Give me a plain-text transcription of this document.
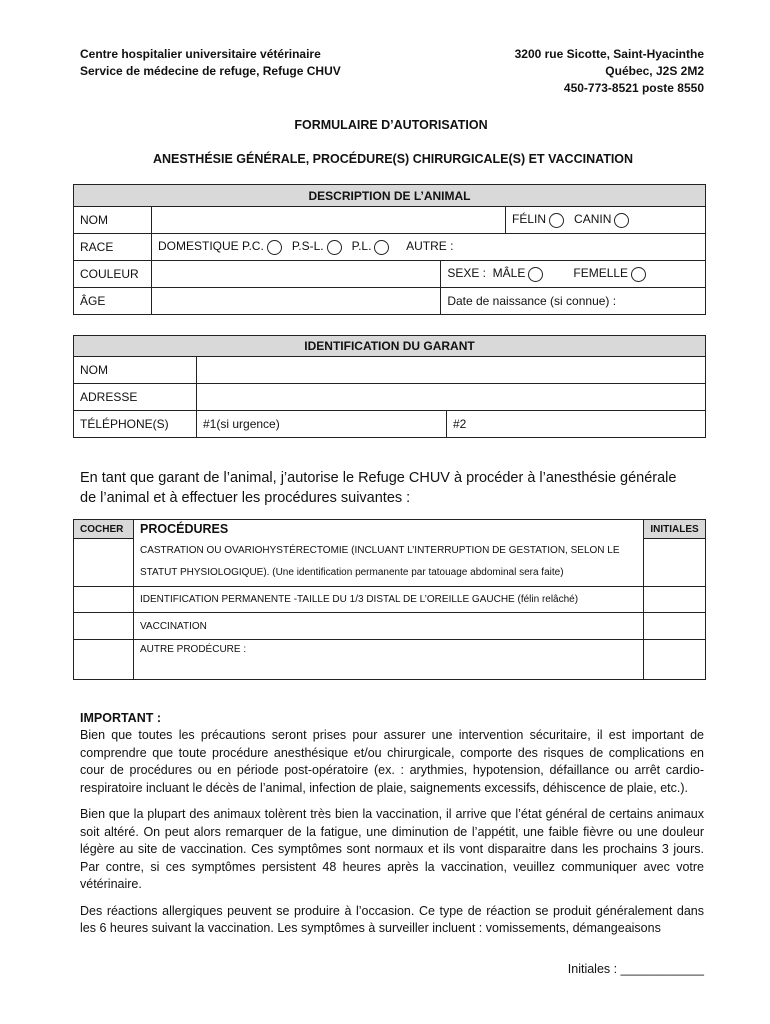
Centre hospitalier universitaire vétérinaire
Service de médecine de refuge, Refuge CHUV
3200 rue Sicotte, Saint-Hyacinthe
Québec, J2S 2M2
450-773-8521 poste 8550
FORMULAIRE D’AUTORISATION
ANESTHÉSIE GÉNÉRALE, PROCÉDURE(S) CHIRURGICALE(S) ET VACCINATION
DESCRIPTION DE L’ANIMAL			
NOM			FÉLIN CANIN
RACE	DOMESTIQUE P.C. P.S-L. P.L. AUTRE :		
COULEUR		SEXE : MÂLE FEMELLE	
ÂGE		Date de naissance (si connue) :	
IDENTIFICATION DU GARANT		
NOM		
ADRESSE		
TÉLÉPHONE(S)	#1(si urgence)	#2
En tant que garant de l’animal, j’autorise le Refuge CHUV à procéder à l’anesthésie générale de l’animal et à effectuer les procédures suivantes :
COCHER	PROCÉDURES	INITIALES

	CASTRATION OU OVARIOHYSTÉRECTOMIE (INCLUANT L’INTERRUPTION DE GESTATION, SELON LE
STATUT PHYSIOLOGIQUE). (Une identification permanente par tatouage abdominal sera faite)	

	IDENTIFICATION PERMANENTE -TAILLE DU 1/3 DISTAL DE L’OREILLE GAUCHE (félin relâché)	
	VACCINATION	
	AUTRE PRODÉCURE :	
IMPORTANT :
Bien que toutes les précautions seront prises pour assurer une intervention sécuritaire, il est important de comprendre que toute procédure anesthésique et/ou chirurgicale, comporte des risques de complications en cour de procédures ou en période post-opératoire (ex. : arythmies, hypotension, défaillance ou arrêt cardio-respiratoire incluant le décès de l’animal, infection de plaie, saignements excessifs, déhiscence de plaie, etc.).
Bien que la plupart des animaux tolèrent très bien la vaccination, il arrive que l’état général de certains animaux soit altéré. On peut alors remarquer de la fatigue, une diminution de l’appétit, une faible fièvre ou une douleur légère au site de vaccination. Ces symptômes sont normaux et ils vont disparaitre dans les prochains 3 jours. Par contre, si ces symptômes persistent 48 heures après la vaccination, veuillez communiquer avec votre vétérinaire.
Des réactions allergiques peuvent se produire à l’occasion. Ce type de réaction se produit généralement dans les 6 heures suivant la vaccination. Les symptômes à surveiller incluent : vomissements, démangeaisons
Initiales : ____________
